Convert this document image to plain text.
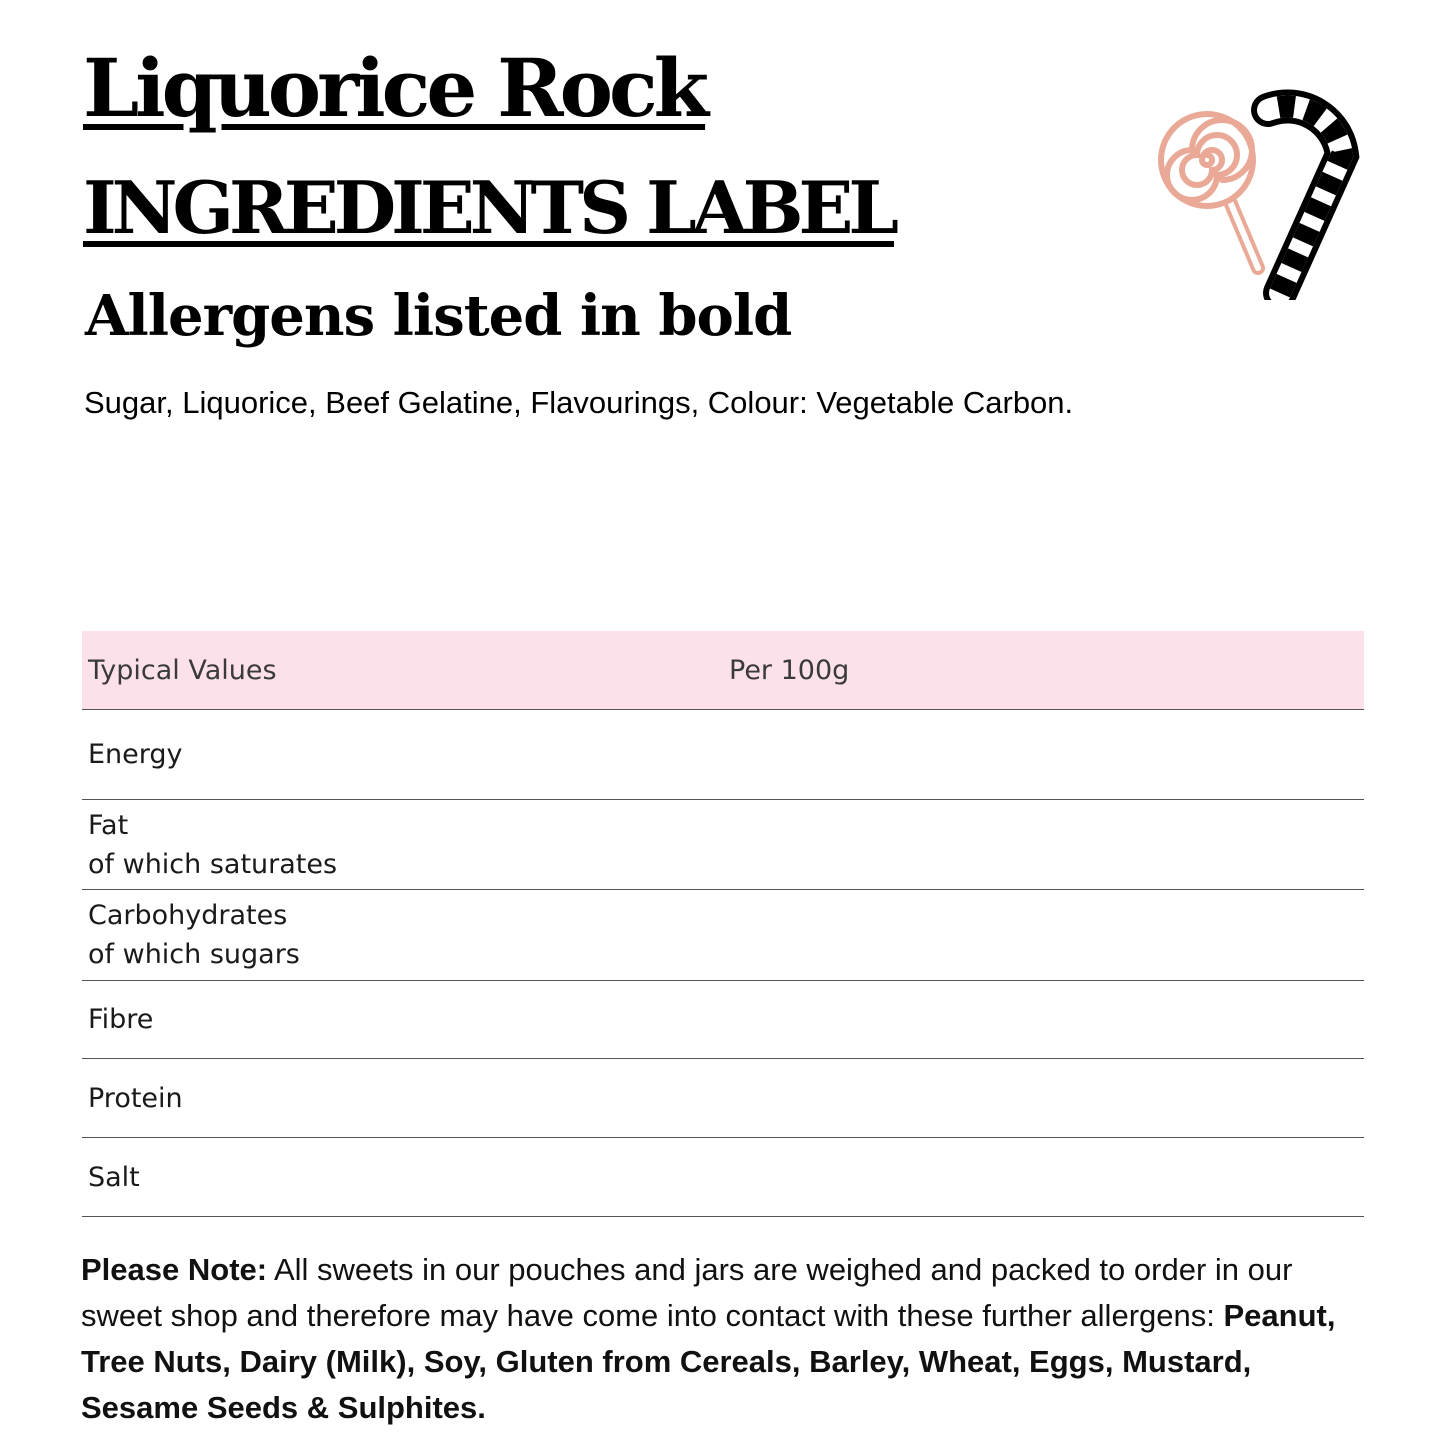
Liquorice Rock
INGREDIENTS LABEL
Allergens listed in bold

Sugar, Liquorice, Beef Gelatine, Flavourings, Colour: Vegetable Carbon.

Typical Values	Per 100g
Energy
Fat
of which saturates
Carbohydrates
of which sugars
Fibre
Protein
Salt

Please Note: All sweets in our pouches and jars are weighed and packed to order in our sweet shop and therefore may have come into contact with these further allergens: Peanut, Tree Nuts, Dairy (Milk), Soy, Gluten from Cereals, Barley, Wheat, Eggs, Mustard, Sesame Seeds & Sulphites.
